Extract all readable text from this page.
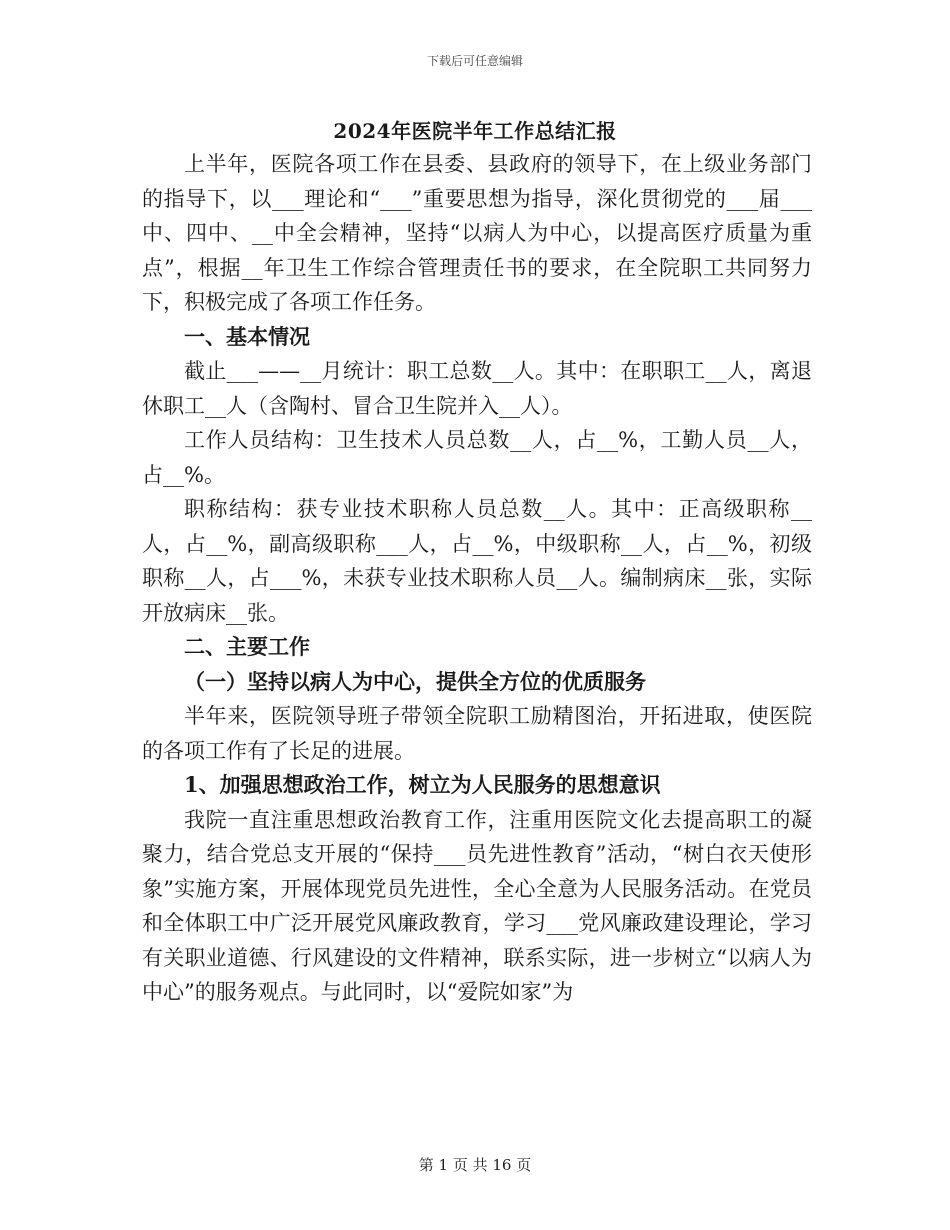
下载后可任意编辑
2024年医院半年工作总结汇报

上半年，医院各项工作在县委、县政府的领导下，在上级业务部门的指导下，以___理论和“___”重要思想为指导，深化贯彻党的___届___中、四中、__中全会精神，坚持“以病人为中心，以提高医疗质量为重点”，根据__年卫生工作综合管理责任书的要求，在全院职工共同努力下，积极完成了各项工作任务。

一、基本情况

截止___——__月统计：职工总数__人。其中：在职职工__人，离退休职工__人（含陶村、冒合卫生院并入__人）。

工作人员结构：卫生技术人员总数__人，占__%，工勤人员__人，占__%。

职称结构：获专业技术职称人员总数__人。其中：正高级职称__人，占__%，副高级职称___人，占__%，中级职称__人，占__%，初级职称__人，占___%，未获专业技术职称人员__人。编制病床__张，实际开放病床__张。

二、主要工作

（一）坚持以病人为中心，提供全方位的优质服务

半年来，医院领导班子带领全院职工励精图治，开拓进取，使医院的各项工作有了长足的进展。

1、加强思想政治工作，树立为人民服务的思想意识

我院一直注重思想政治教育工作，注重用医院文化去提高职工的凝聚力，结合党总支开展的“保持___员先进性教育”活动，“树白衣天使形象”实施方案，开展体现党员先进性，全心全意为人民服务活动。在党员和全体职工中广泛开展党风廉政教育，学习___党风廉政建设理论，学习有关职业道德、行风建设的文件精神，联系实际，进一步树立“以病人为中心”的服务观点。与此同时，以“爱院如家”为

第 1 页 共 16 页
